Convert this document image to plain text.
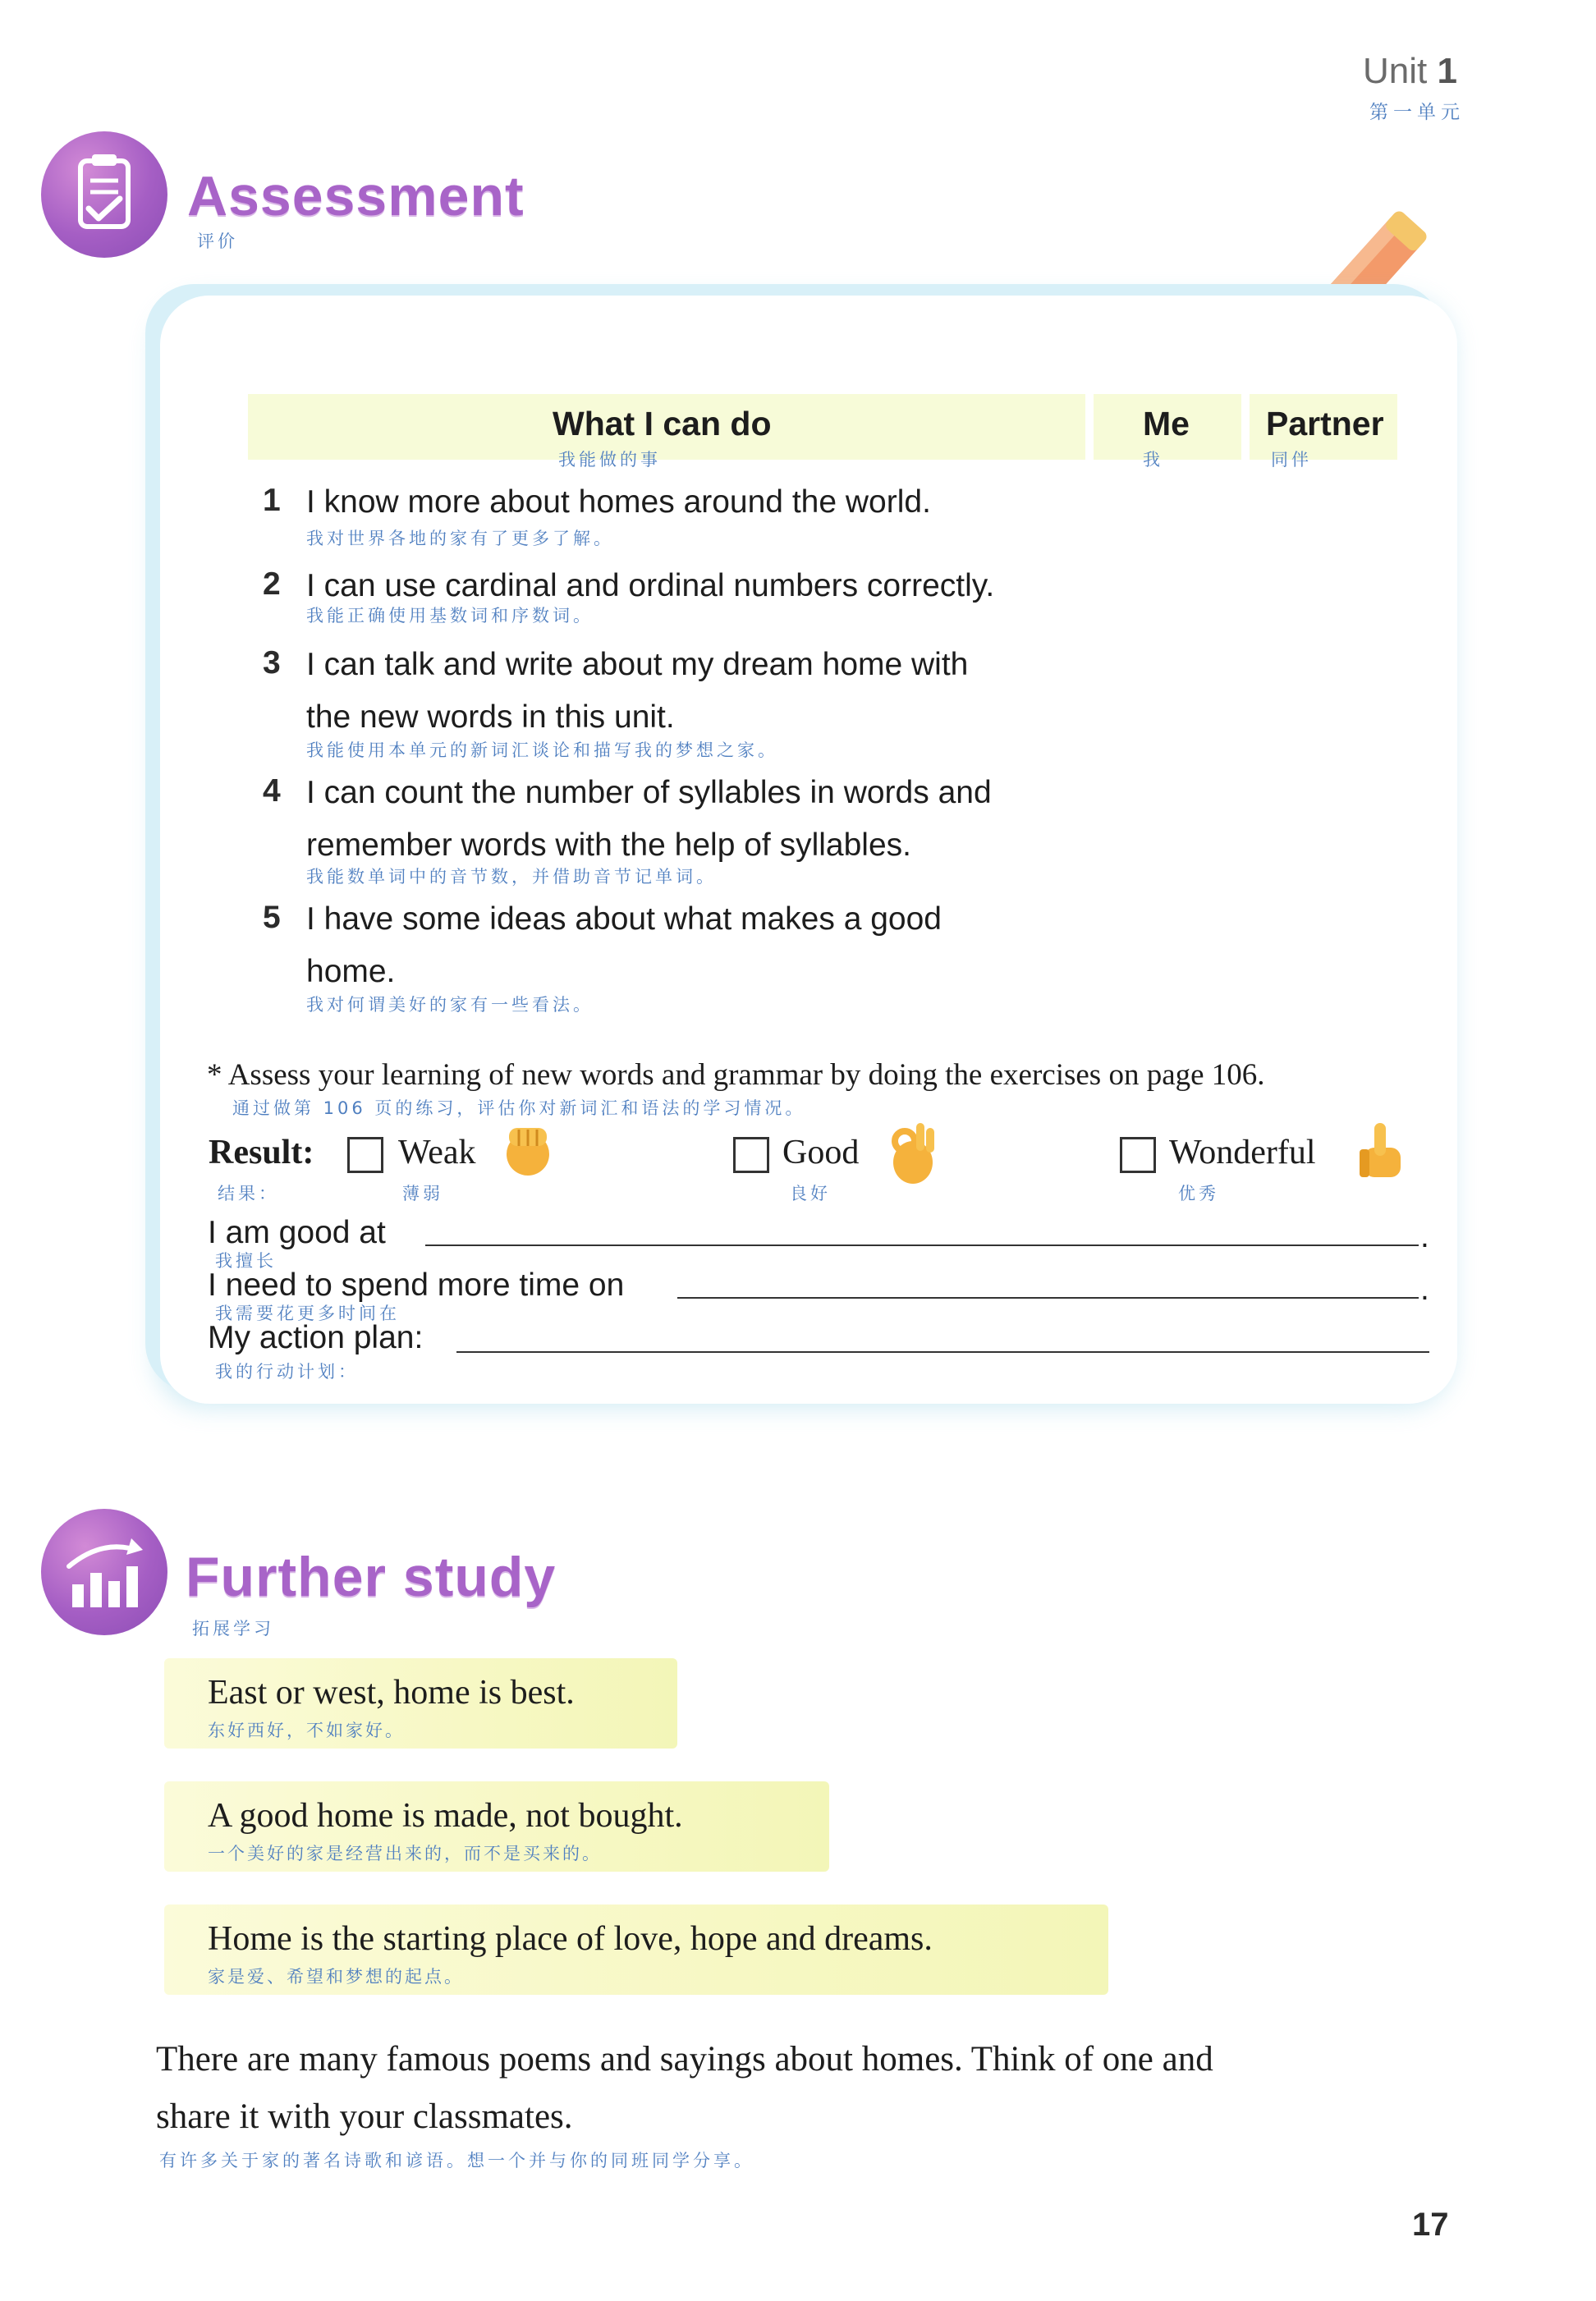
Unit 1
第一单元
Assessment
评价
What I can do
我能做的事
Me
我
Partner
同伴
1 I know more about homes around the world.
我对世界各地的家有了更多了解。
2 I can use cardinal and ordinal numbers correctly.
我能正确使用基数词和序数词。
3 I can talk and write about my dream home with
the new words in this unit.
我能使用本单元的新词汇谈论和描写我的梦想之家。
4 I can count the number of syllables in words and
remember words with the help of syllables.
我能数单词中的音节数，并借助音节记单词。
5 I have some ideas about what makes a good
home.
我对何谓美好的家有一些看法。
* Assess your learning of new words and grammar by doing the exercises on page 106.
通过做第 106 页的练习，评估你对新词汇和语法的学习情况。
Result:
结果：
Weak
薄弱
Good
良好
Wonderful
优秀
I am good at	.
我擅长
I need to spend more time on	.
我需要花更多时间在
My action plan:
我的行动计划：
Further study
拓展学习
East or west, home is best.
东好西好，不如家好。
A good home is made, not bought.
一个美好的家是经营出来的，而不是买来的。
Home is the starting place of love, hope and dreams.
家是爱、希望和梦想的起点。
There are many famous poems and sayings about homes. Think of one and
share it with your classmates.
有许多关于家的著名诗歌和谚语。想一个并与你的同班同学分享。
17
